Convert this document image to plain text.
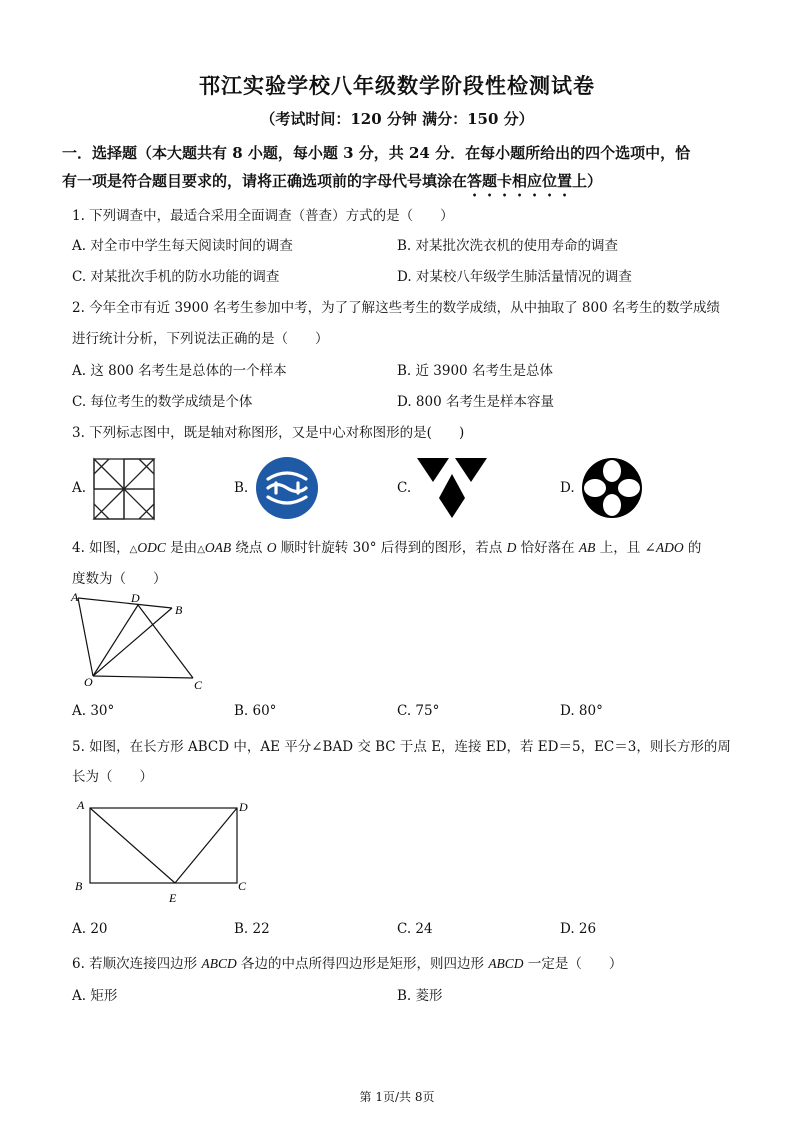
邗江实验学校八年级数学阶段性检测试卷
（考试时间：120 分钟 满分：150 分）
一．选择题（本大题共有 8 小题，每小题 3 分，共 24 分．在每小题所给出的四个选项中，恰
有一项是符合题目要求的，请将正确选项前的字母代号填涂在答题卡相应位置上）
1. 下列调查中，最适合采用全面调查（普查）方式的是（　　）
A. 对全市中学生每天阅读时间的调查	B. 对某批次洗衣机的使用寿命的调查
C. 对某批次手机的防水功能的调查	D. 对某校八年级学生肺活量情况的调查
2. 今年全市有近 3900 名考生参加中考，为了了解这些考生的数学成绩，从中抽取了 800 名考生的数学成绩
进行统计分析，下列说法正确的是（　　）
A. 这 800 名考生是总体的一个样本	B. 近 3900 名考生是总体
C. 每位考生的数学成绩是个体	D. 800 名考生是样本容量
3. 下列标志图中，既是轴对称图形，又是中心对称图形的是(　　)
A.	B.	C.	D.
4. 如图，△ODC 是由△OAB 绕点 O 顺时针旋转 30° 后得到的图形，若点 D 恰好落在 AB 上，且 ∠ADO 的
度数为（　　）
A	D
B
O	C
A. 30°	B. 60°	C. 75°	D. 80°
5. 如图，在长方形 ABCD 中，AE 平分∠BAD 交 BC 于点 E，连接 ED，若 ED＝5，EC＝3，则长方形的周
长为（　　）
A	D
B
E
C
A. 20	B. 22	C. 24	D. 26
6. 若顺次连接四边形 ABCD 各边的中点所得四边形是矩形，则四边形 ABCD 一定是（　　）
A. 矩形	B. 菱形
第 1页/共 8页
